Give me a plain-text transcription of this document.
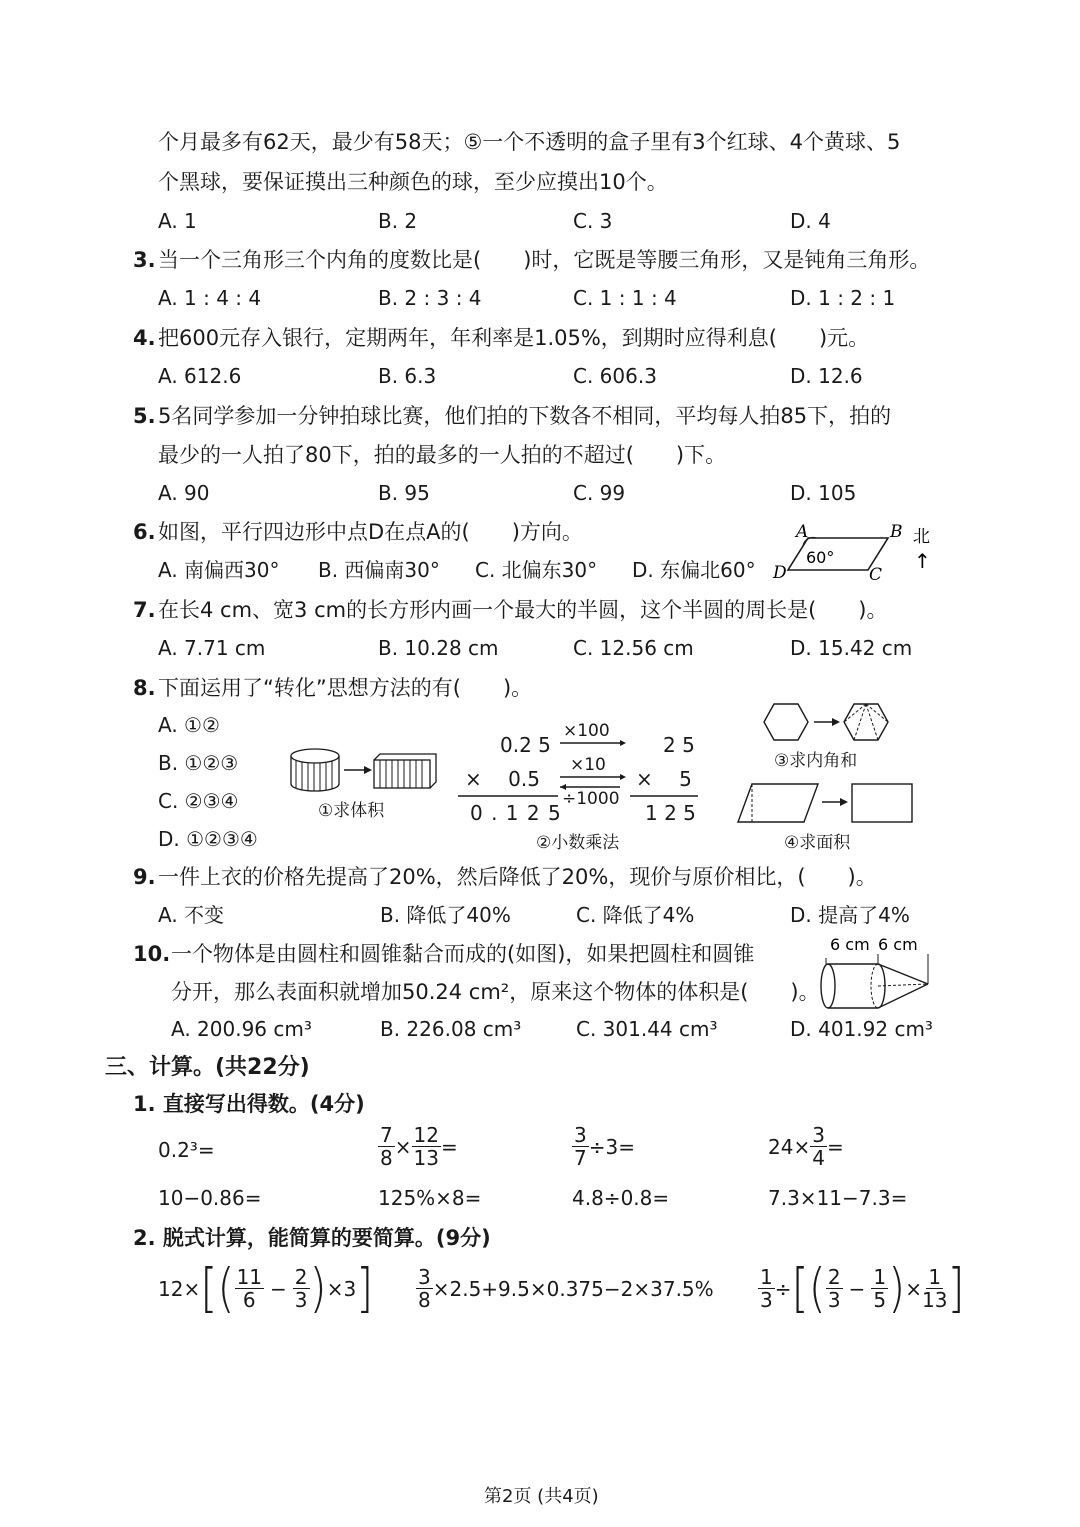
个月最多有62天，最少有58天；⑤一个不透明的盒子里有3个红球、4个黄球、5
个黑球，要保证摸出三种颜色的球，至少应摸出10个。
A. 1	B. 2	C. 3	D. 4
3. 当一个三角形三个内角的度数比是(　　)时，它既是等腰三角形，又是钝角三角形。
A. 1 : 4 : 4	B. 2 : 3 : 4	C. 1 : 1 : 4	D. 1 : 2 : 1
4. 把600元存入银行，定期两年，年利率是1.05%，到期时应得利息(　　)元。
A. 612.6	B. 6.3	C. 606.3	D. 12.6
5. 5名同学参加一分钟拍球比赛，他们拍的下数各不相同，平均每人拍85下，拍的
最少的一人拍了80下，拍的最多的一人拍的不超过(　　)下。
A. 90	B. 95	C. 99	D. 105
6. 如图，平行四边形中点D在点A的(　　)方向。
A. 南偏西30° B. 西偏南30° C. 北偏东30° D. 东偏北60°
A	B
C
D
60°
北
↑
7. 在长4 cm、宽3 cm的长方形内画一个最大的半圆，这个半圆的周长是(　　)。
A. 7.71 cm	B. 10.28 cm	C. 12.56 cm	D. 15.42 cm
8. 下面运用了“转化”思想方法的有(　　)。
A. ①②
B. ①②③
C. ②③④
D. ①②③④
①求体积
0.2 5
×　 0.5
0 . 1 2 5
2 5
×　 5
1 2 5
×100
×10
÷1000
②小数乘法
③求内角和
④求面积
9. 一件上衣的价格先提高了20%，然后降低了20%，现价与原价相比，(　　)。
A. 不变	B. 降低了40%	C. 降低了4%	D. 提高了4%
10. 一个物体是由圆柱和圆锥黏合而成的(如图)，如果把圆柱和圆锥
分开，那么表面积就增加50.24 cm²，原来这个物体的体积是(　　)。
A. 200.96 cm³	B. 226.08 cm³	C. 301.44 cm³	D. 401.92 cm³
6 cm 6 cm
三、计算。(共22分)
1. 直接写出得数。(4分)
0.2³=	$\frac{7}{8} \times \frac{12}{13}$ =	$\frac{3}{7} \div 3=$	$24\times \frac{3}{4}$ =
10−0.86=	125%×8=	4.8÷0.8=	7.3×11−7.3=
2. 脱式计算，能简算的要简算。(9分)
12× [ ( $\frac{11}{6} - \frac{2}{3}$ ) ×3 ] $\frac{3}{8} \times 2.5+9.5\times 0.375-2\times 37.5\% \frac{1}{3}$ ÷ [ ( $\frac{2}{3} - \frac{1}{5}$ ) × $\frac{1}{13}$ ]
第2页 (共4页)
